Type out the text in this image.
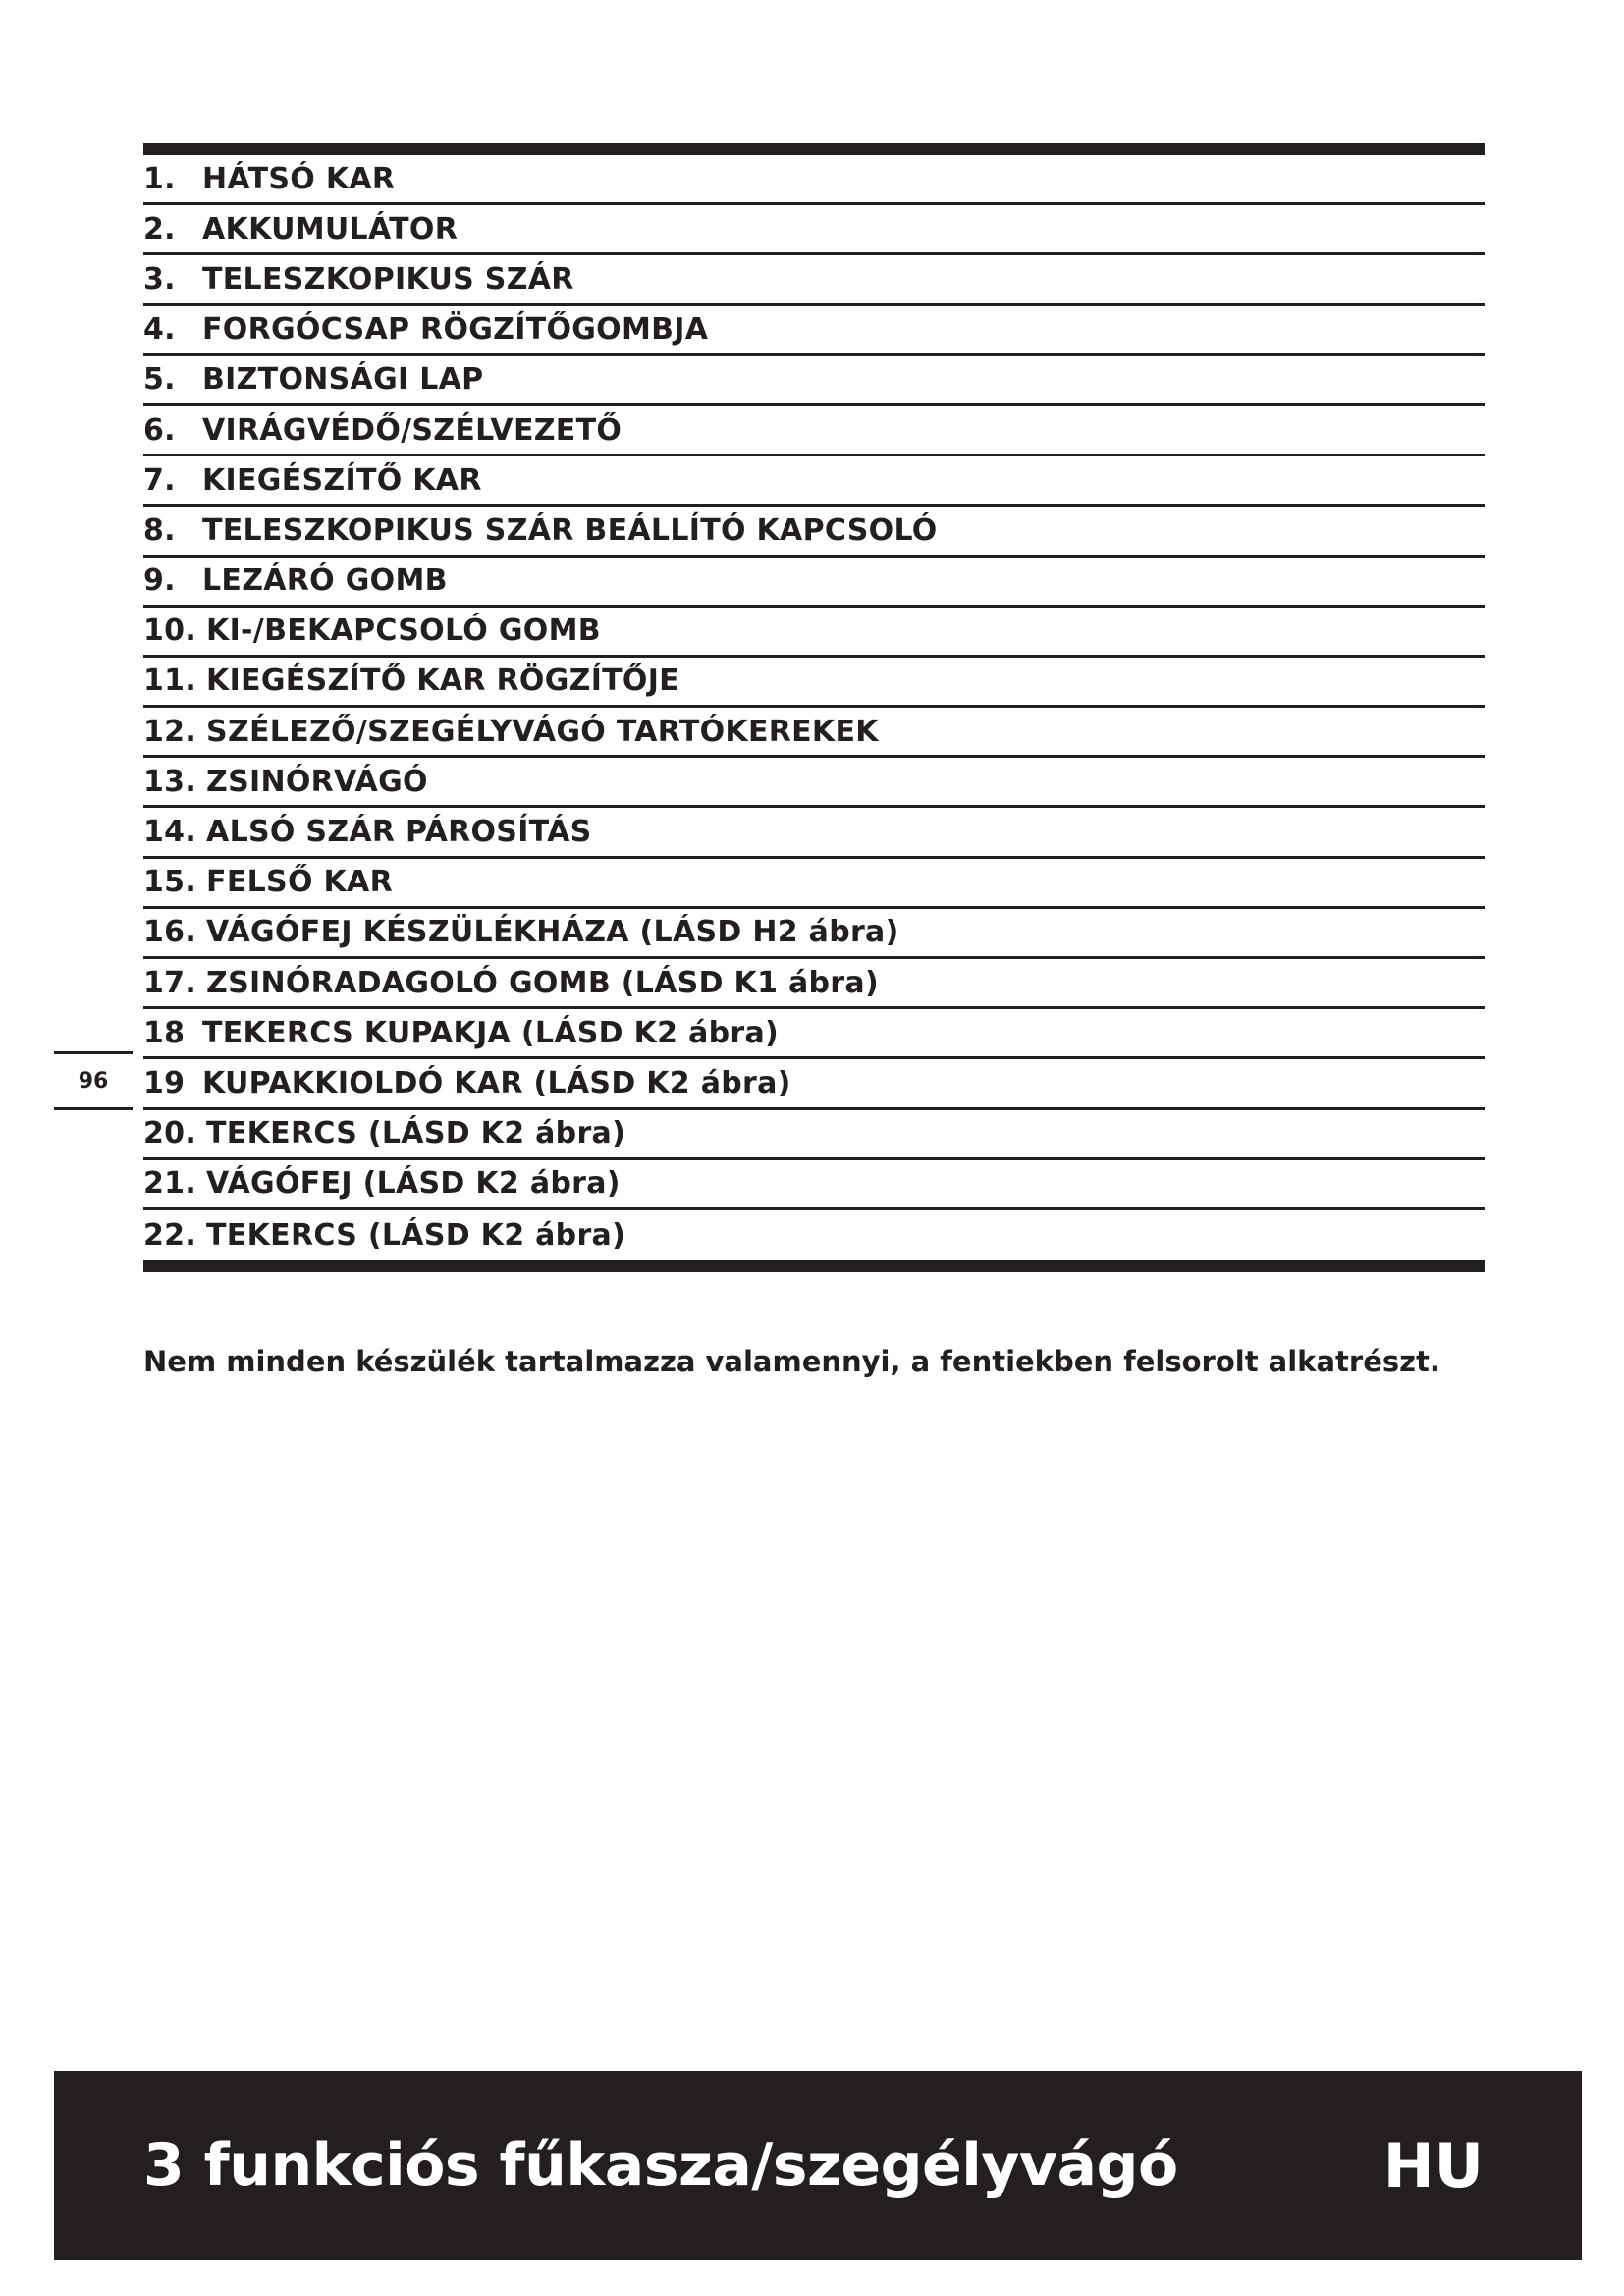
1. HÁTSÓ KAR
2. AKKUMULÁTOR
3. TELESZKOPIKUS SZÁR
4. FORGÓCSAP RÖGZÍTŐGOMBJA
5. BIZTONSÁGI LAP
6. VIRÁGVÉDŐ/SZÉLVEZETŐ
7. KIEGÉSZÍTŐ KAR
8. TELESZKOPIKUS SZÁR BEÁLLÍTÓ KAPCSOLÓ
9. LEZÁRÓ GOMB
10. KI-/BEKAPCSOLÓ GOMB
11. KIEGÉSZÍTŐ KAR RÖGZÍTŐJE
12. SZÉLEZŐ/SZEGÉLYVÁGÓ TARTÓKEREKEK
13. ZSINÓRVÁGÓ
14. ALSÓ SZÁR PÁROSÍTÁS
15. FELSŐ KAR
16. VÁGÓFEJ KÉSZÜLÉKHÁZA (LÁSD H2 ábra)
17. ZSINÓRADAGOLÓ GOMB (LÁSD K1 ábra)
18 TEKERCS KUPAKJA (LÁSD K2 ábra)
19 KUPAKKIOLDÓ KAR (LÁSD K2 ábra)
20. TEKERCS (LÁSD K2 ábra)
21. VÁGÓFEJ (LÁSD K2 ábra)
22. TEKERCS (LÁSD K2 ábra)
96
Nem minden készülék tartalmazza valamennyi, a fentiekben felsorolt alkatrészt.
3 funkciós fűkasza/szegélyvágó	HU
